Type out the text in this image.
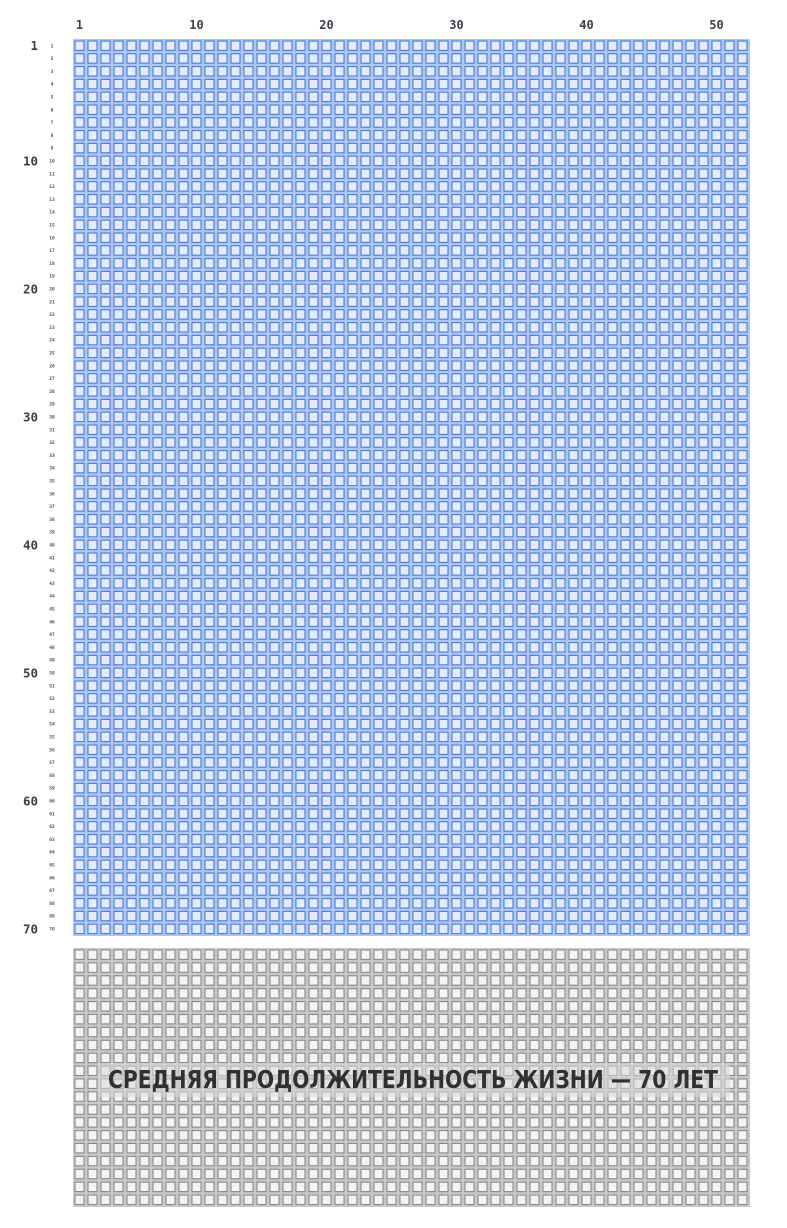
1	10	20	30	40	50
1
10
20
30
40
50
60
70
1
2
3
4
5
6
7
8
9
10
11
12
13
14
15
16
17
18
19
20
21
22
23
24
25
26
27
28
29
30
31
32
33
34
35
36
37
38
39
40
41
42
43
44
45
46
47
48
49
50
51
52
53
54
55
56
57
58
59
60
61
62
63
64
65
66
67
68
69
70
СРЕДНЯЯ ПРОДОЛЖИТЕЛЬНОСТЬ ЖИЗНИ — 70 ЛЕТ
